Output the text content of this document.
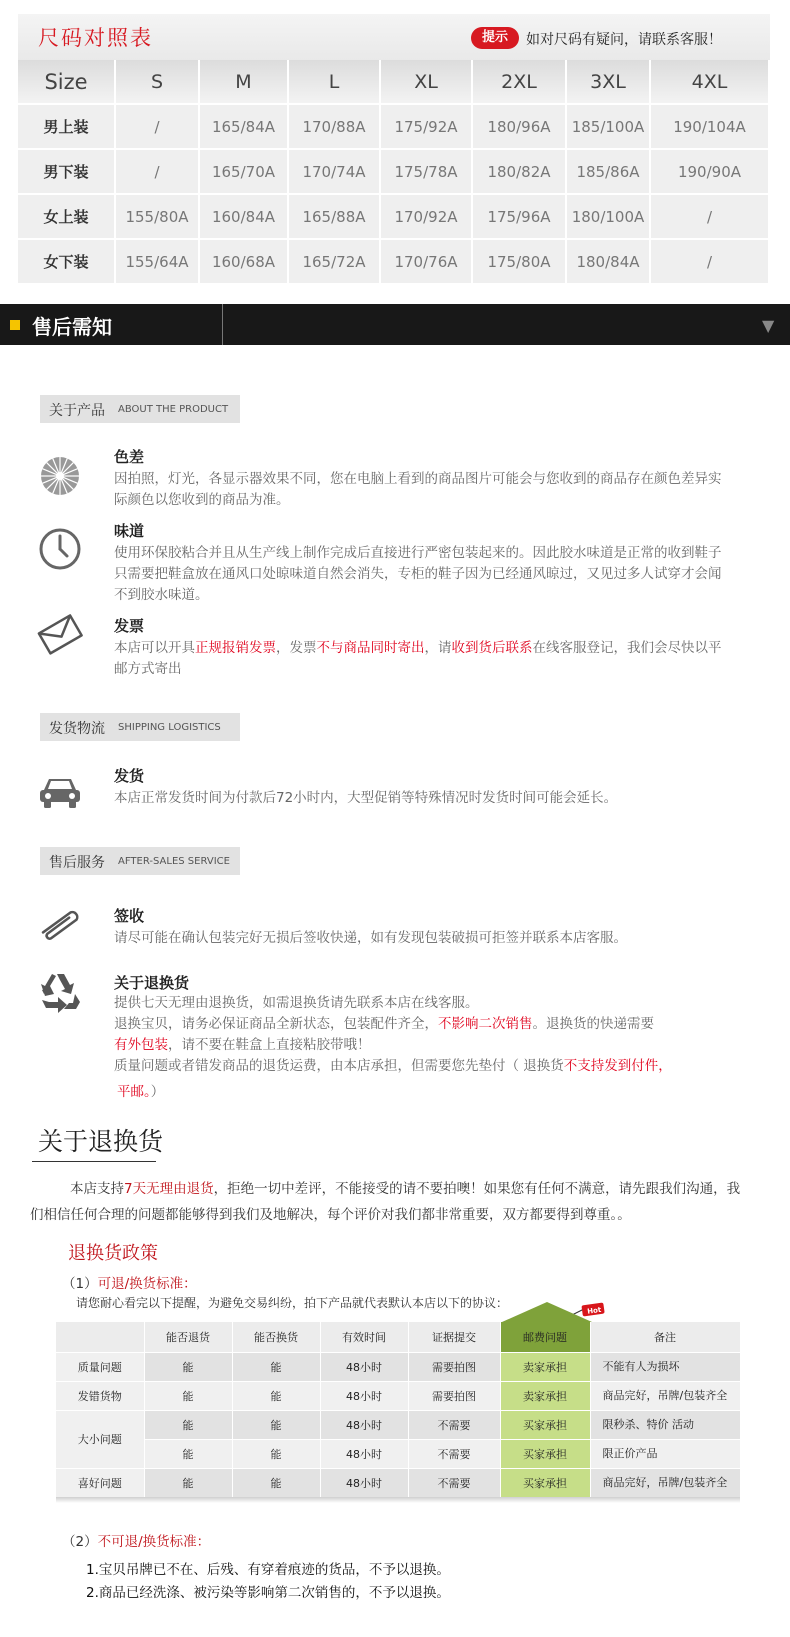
尺码对照表	提示	如对尺码有疑问，请联系客服！
Size	S	M	L	XL	2XL	3XL	4XL
男上装	/	165/84A	170/88A	175/92A	180/96A	185/100A	190/104A
男下装	/	165/70A	170/74A	175/78A	180/82A	185/86A	190/90A
女上装	155/80A	160/84A	165/88A	170/92A	175/96A	180/100A	/
女下装	155/64A	160/68A	165/72A	170/76A	175/80A	180/84A	/
售后需知	▼
关于产品 ABOUT THE PRODUCT
色差
因拍照，灯光，各显示器效果不同，您在电脑上看到的商品图片可能会与您收到的商品存在颜色差异实际颜色以您收到的商品为准。
味道
使用环保胶粘合并且从生产线上制作完成后直接进行严密包装起来的。因此胶水味道是正常的收到鞋子只需要把鞋盒放在通风口处晾味道自然会消失，专柜的鞋子因为已经通风晾过，又见过多人试穿才会闻不到胶水味道。
发票
本店可以开具正规报销发票，发票不与商品同时寄出，请收到货后联系在线客服登记，我们会尽快以平邮方式寄出
发货物流 SHIPPING LOGISTICS
发货
本店正常发货时间为付款后72小时内，大型促销等特殊情况时发货时间可能会延长。
售后服务 AFTER-SALES SERVICE
签收
请尽可能在确认包装完好无损后签收快递，如有发现包装破损可拒签并联系本店客服。
关于退换货
提供七天无理由退换货，如需退换货请先联系本店在线客服。
退换宝贝，请务必保证商品全新状态，包装配件齐全，不影响二次销售。退换货的快递需要
有外包装，请不要在鞋盒上直接粘胶带哦！
质量问题或者错发商品的退货运费，由本店承担，但需要您先垫付（ 退换货不支持发到付件，
平邮。）
关于退换货
本店支持7天无理由退货，拒绝一切中差评，不能接受的请不要拍噢！如果您有任何不满意，请先跟我们沟通，我们相信任何合理的问题都能够得到我们及地解决，每个评价对我们都非常重要，双方都要得到尊重。。
退换货政策
（1）可退/换货标准：
请您耐心看完以下提醒，为避免交易纠纷，拍下产品就代表默认本店以下的协议：
Hot
	能否退货	能否换货	有效时间	证据提交	邮费问题	备注
质量问题	能	能	48小时	需要拍图	卖家承担	不能有人为损坏
发错货物	能	能	48小时	需要拍图	卖家承担	商品完好，吊牌/包装齐全
大小问题	能	能	48小时	不需要	买家承担	限秒杀、特价 活动
	能	能	48小时	不需要	买家承担	限正价产品
喜好问题	能	能	48小时	不需要	买家承担	商品完好，吊牌/包装齐全
（2）不可退/换货标准：
1.宝贝吊牌已不在、后残、有穿着痕迹的货品，不予以退换。
2.商品已经洗涤、被污染等影响第二次销售的，不予以退换。
